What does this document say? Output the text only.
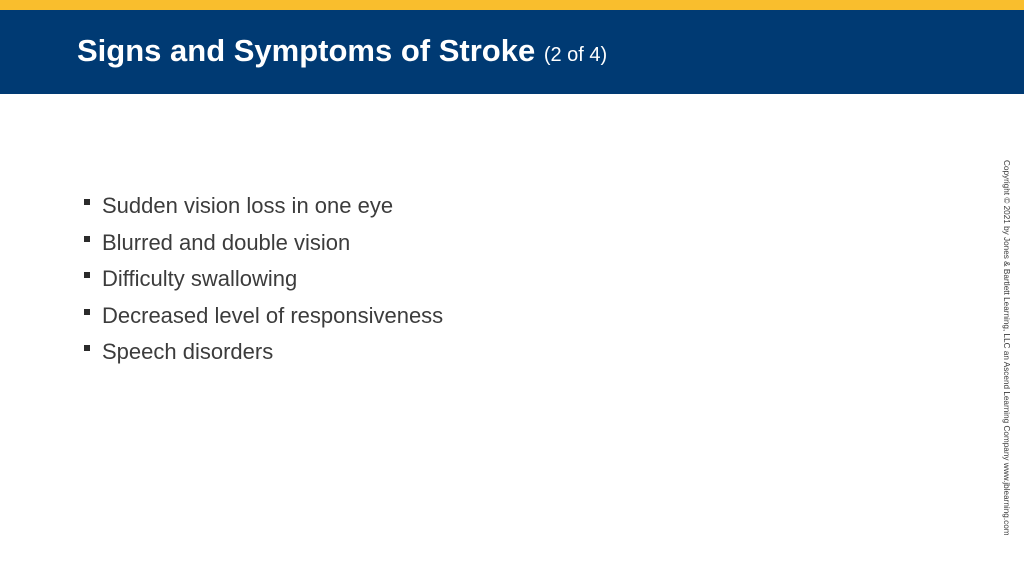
Signs and Symptoms of Stroke (2 of 4)
Sudden vision loss in one eye
Blurred and double vision
Difficulty swallowing
Decreased level of responsiveness
Speech disorders	Copyright © 2021 by Jones & Bartlett Learning, LLC an Ascend Learning Company www.jblearning.com
